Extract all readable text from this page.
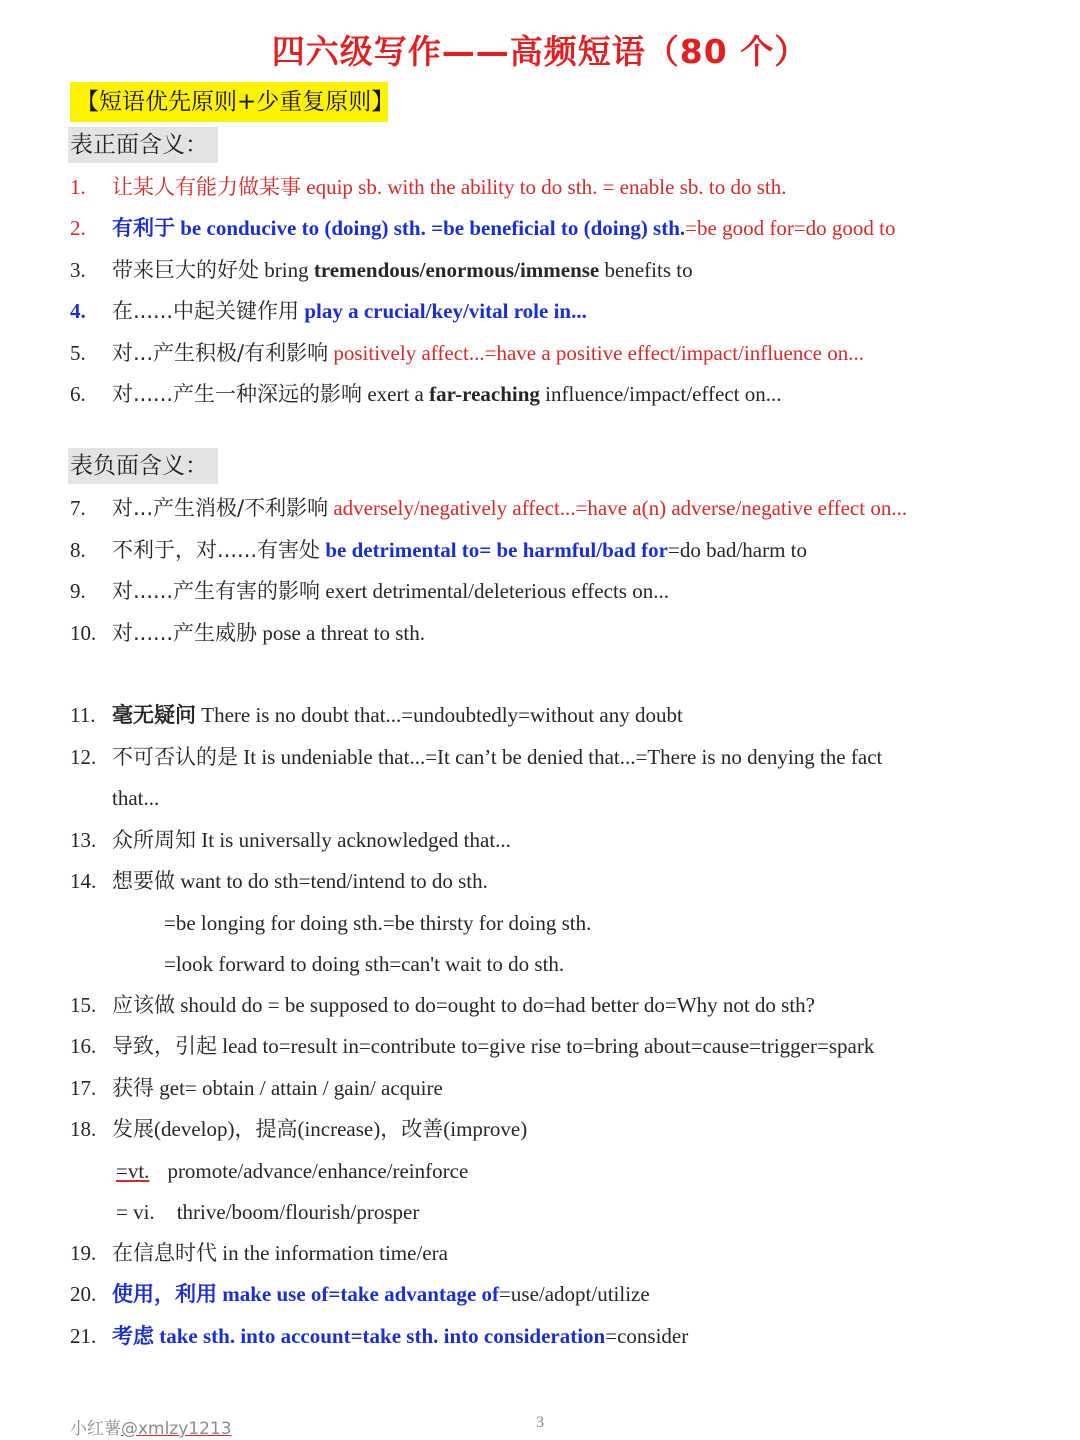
四六级写作——高频短语（80 个）
【短语优先原则+少重复原则】
表正面含义：
1. 让某人有能力做某事 equip sb. with the ability to do sth. = enable sb. to do sth.
2. 有利于 be conducive to (doing) sth. =be beneficial to (doing) sth.=be good for=do good to
3. 带来巨大的好处 bring tremendous/enormous/immense benefits to
4. 在......中起关键作用 play a crucial/key/vital role in...
5. 对...产生积极/有利影响 positively affect...=have a positive effect/impact/influence on...
6. 对......产生一种深远的影响 exert a far-reaching influence/impact/effect on...
表负面含义：
7. 对...产生消极/不利影响 adversely/negatively affect...=have a(n) adverse/negative effect on...
8. 不利于，对......有害处 be detrimental to= be harmful/bad for=do bad/harm to
9. 对......产生有害的影响 exert detrimental/deleterious effects on...
10. 对......产生威胁 pose a threat to sth.
11. 毫无疑问 There is no doubt that...=undoubtedly=without any doubt
12. 不可否认的是 It is undeniable that...=It can’t be denied that...=There is no denying the fact
that...
13. 众所周知 It is universally acknowledged that...
14. 想要做 want to do sth=tend/intend to do sth.
=be longing for doing sth.=be thirsty for doing sth.
=look forward to doing sth=can't wait to do sth.
15. 应该做 should do = be supposed to do=ought to do=had better do=Why not do sth?
16. 导致，引起 lead to=result in=contribute to=give rise to=bring about=cause=trigger=spark
17. 获得 get= obtain / attain / gain/ acquire
18. 发展(develop)，提高(increase)，改善(improve)
=vt. promote/advance/enhance/reinforce
= vi. thrive/boom/flourish/prosper
19. 在信息时代 in the information time/era
20. 使用，利用 make use of=take advantage of=use/adopt/utilize
21. 考虑 take sth. into account=take sth. into consideration=consider
小红薯@xmlzy1213	3
